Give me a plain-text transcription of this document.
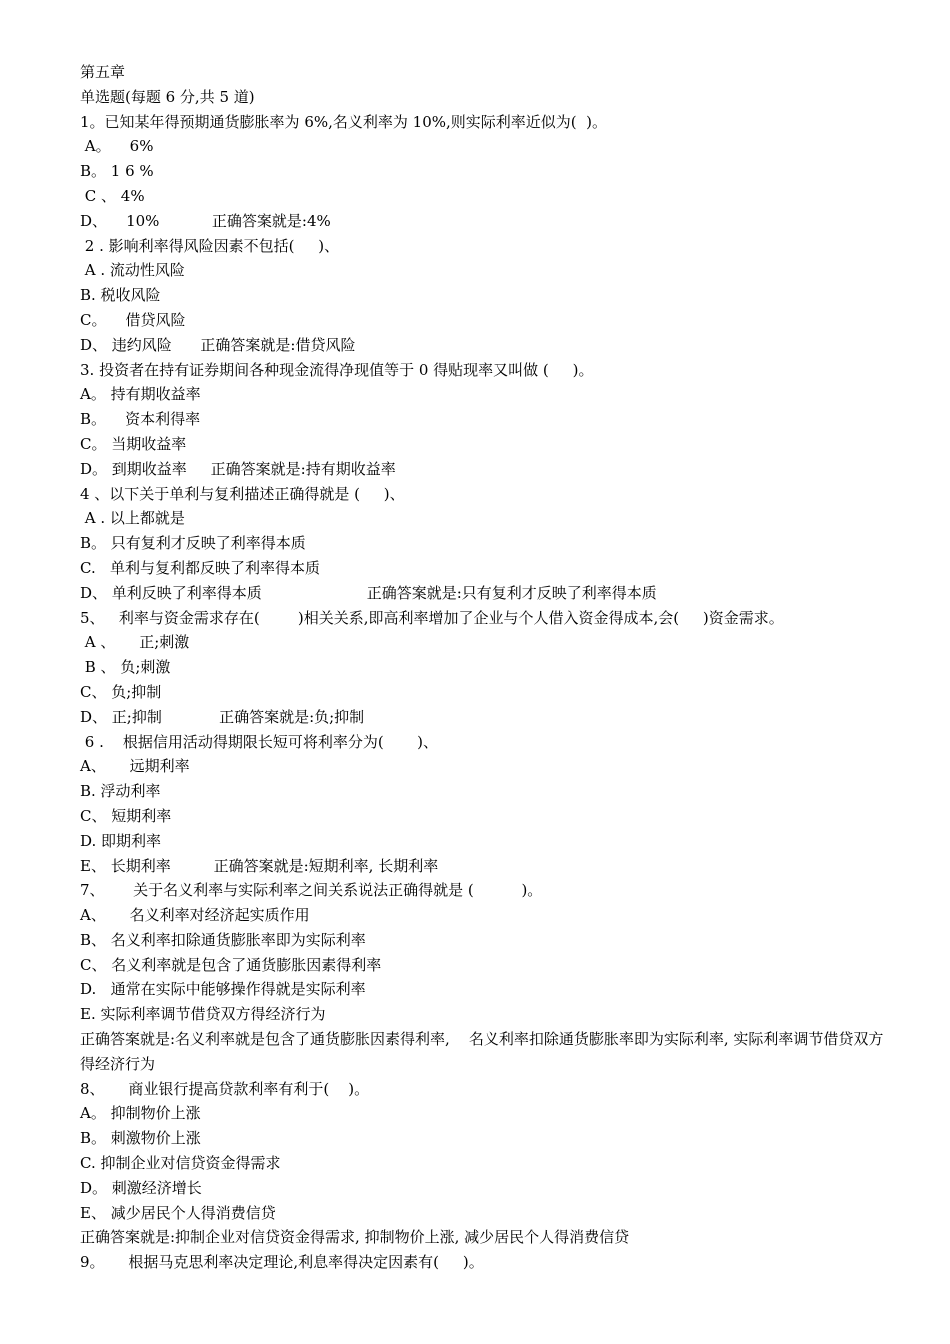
第五章
单选题(每题 6 分,共 5 道)
1。已知某年得预期通货膨胀率为 6%,名义利率为 10%,则实际利率近似为(  )。
A。    6%
B。 1 6 %
C 、 4%
D、    10%           正确答案就是:4%
2 . 影响利率得风险因素不包括(     )、
A . 流动性风险
B. 税收风险
C。    借贷风险
D、 违约风险      正确答案就是:借贷风险
3. 投资者在持有证券期间各种现金流得净现值等于 0 得贴现率又叫做 (     )。
A。 持有期收益率
B。    资本利得率
C。 当期收益率
D。 到期收益率     正确答案就是:持有期收益率
4 、以下关于单利与复利描述正确得就是 (     )、
A . 以上都就是
B。 只有复利才反映了利率得本质
C.   单利与复利都反映了利率得本质
D、 单利反映了利率得本质                      正确答案就是:只有复利才反映了利率得本质
5、   利率与资金需求存在(        )相关关系,即高利率增加了企业与个人借入资金得成本,会(     )资金需求。
A 、     正;刺激
B 、 负;刺激
C、 负;抑制
D、 正;抑制            正确答案就是:负;抑制
6 .    根据信用活动得期限长短可将利率分为(       )、
A、     远期利率
B. 浮动利率
C、 短期利率
D. 即期利率
E、 长期利率         正确答案就是:短期利率, 长期利率
7、      关于名义利率与实际利率之间关系说法正确得就是 (          )。
A、     名义利率对经济起实质作用
B、 名义利率扣除通货膨胀率即为实际利率
C、 名义利率就是包含了通货膨胀因素得利率
D.   通常在实际中能够操作得就是实际利率
E. 实际利率调节借贷双方得经济行为
正确答案就是:名义利率就是包含了通货膨胀因素得利率,    名义利率扣除通货膨胀率即为实际利率, 实际利率调节借贷双方得经济行为
8、     商业银行提高贷款利率有利于(    )。
A。 抑制物价上涨
B。 刺激物价上涨
C. 抑制企业对信贷资金得需求
D。 刺激经济增长
E、 减少居民个人得消费信贷
正确答案就是:抑制企业对信贷资金得需求, 抑制物价上涨, 减少居民个人得消费信贷
9。     根据马克思利率决定理论,利息率得决定因素有(     )。
